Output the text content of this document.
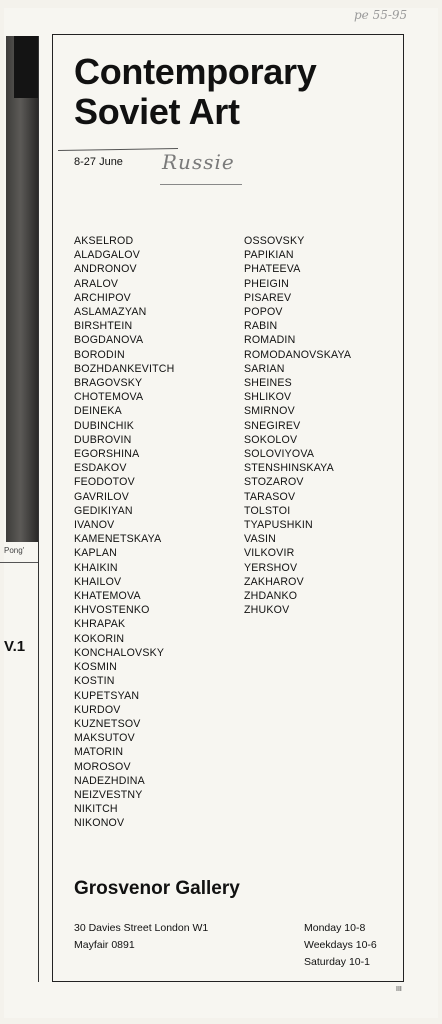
Pong'
V.1
pe 55-95
Contemporary
Soviet Art
8-27 June Russie
AKSELROD
ALADGALOV
ANDRONOV
ARALOV
ARCHIPOV
ASLAMAZYAN
BIRSHTEIN
BOGDANOVA
BORODIN
BOZHDANKEVITCH
BRAGOVSKY
CHOTEMOVA
DEINEKA
DUBINCHIK
DUBROVIN
EGORSHINA
ESDAKOV
FEODOTOV
GAVRILOV
GEDIKIYAN
IVANOV
KAMENETSKAYA
KAPLAN
KHAIKIN
KHAILOV
KHATEMOVA
KHVOSTENKO
KHRAPAK
KOKORIN
KONCHALOVSKY
KOSMIN
KOSTIN
KUPETSYAN
KURDOV
KUZNETSOV
MAKSUTOV
MATORIN
MOROSOV
NADEZHDINA
NEIZVESTNY
NIKITCH
NIKONOV
OSSOVSKY
PAPIKIAN
PHATEEVA
PHEIGIN
PISAREV
POPOV
RABIN
ROMADIN
ROMODANOVSKAYA
SARIAN
SHEINES
SHLIKOV
SMIRNOV
SNEGIREV
SOKOLOV
SOLOVIYOVA
STENSHINSKAYA
STOZAROV
TARASOV
TOLSTOI
TYAPUSHKIN
VASIN
VILKOVIR
YERSHOV
ZAKHAROV
ZHDANKO
ZHUKOV
Grosvenor Gallery
30 Davies Street London W1
Mayfair 0891
Monday 10-8
Weekdays 10-6
Saturday 10-1
III
